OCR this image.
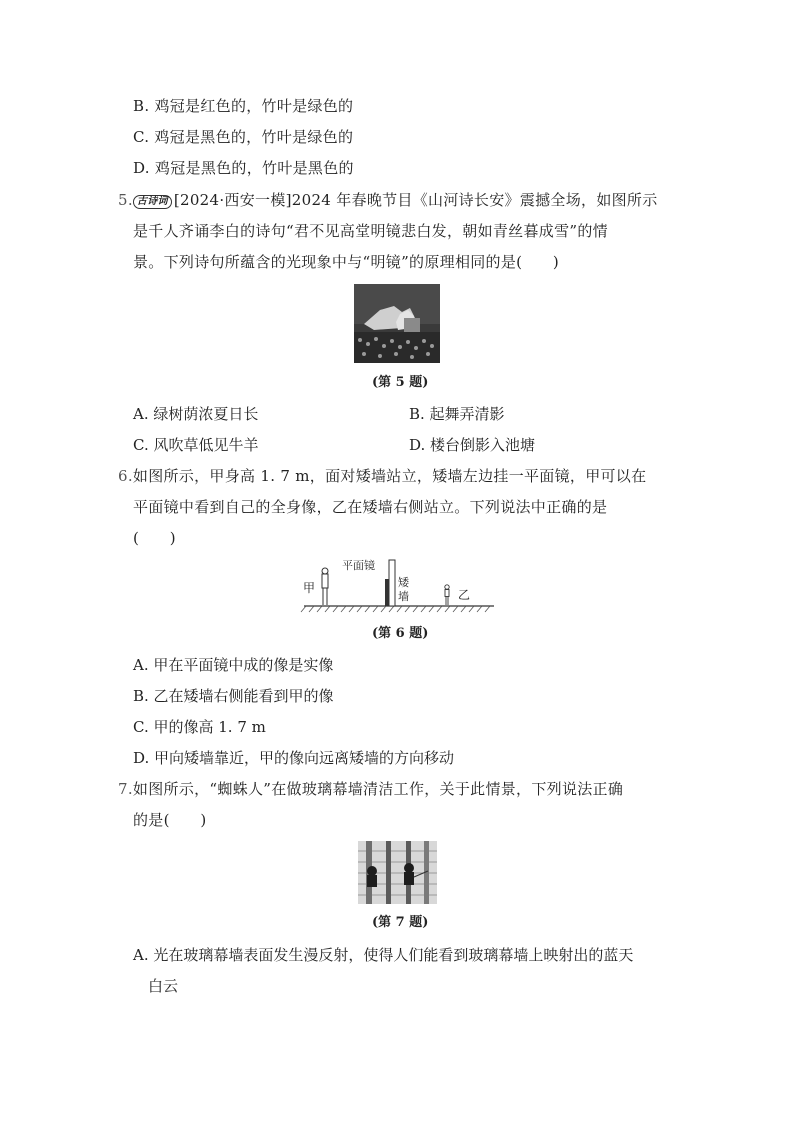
B. 鸡冠是红色的，竹叶是绿色的
C. 鸡冠是黑色的，竹叶是绿色的
D. 鸡冠是黑色的，竹叶是黑色的
5. 古诗词 [2024·西安一模]2024 年春晚节目《山河诗长安》震撼全场，如图所示
是千人齐诵李白的诗句“君不见高堂明镜悲白发，朝如青丝暮成雪”的情
景。下列诗句所蕴含的光现象中与“明镜”的原理相同的是(　　)
(第 5 题)
A. 绿树荫浓夏日长	B. 起舞弄清影
C. 风吹草低见牛羊	D. 楼台倒影入池塘
6.如图所示，甲身高 1. 7 m，面对矮墙站立，矮墙左边挂一平面镜，甲可以在
平面镜中看到自己的全身像，乙在矮墙右侧站立。下列说法中正确的是
(　　)
甲
平面镜
矮
墙	乙
(第 6 题)
A. 甲在平面镜中成的像是实像
B. 乙在矮墙右侧能看到甲的像
C. 甲的像高 1. 7 m
D. 甲向矮墙靠近，甲的像向远离矮墙的方向移动
7.如图所示，“蜘蛛人”在做玻璃幕墙清洁工作，关于此情景，下列说法正确
的是(　　)
(第 7 题)
A. 光在玻璃幕墙表面发生漫反射，使得人们能看到玻璃幕墙上映射出的蓝天
白云
